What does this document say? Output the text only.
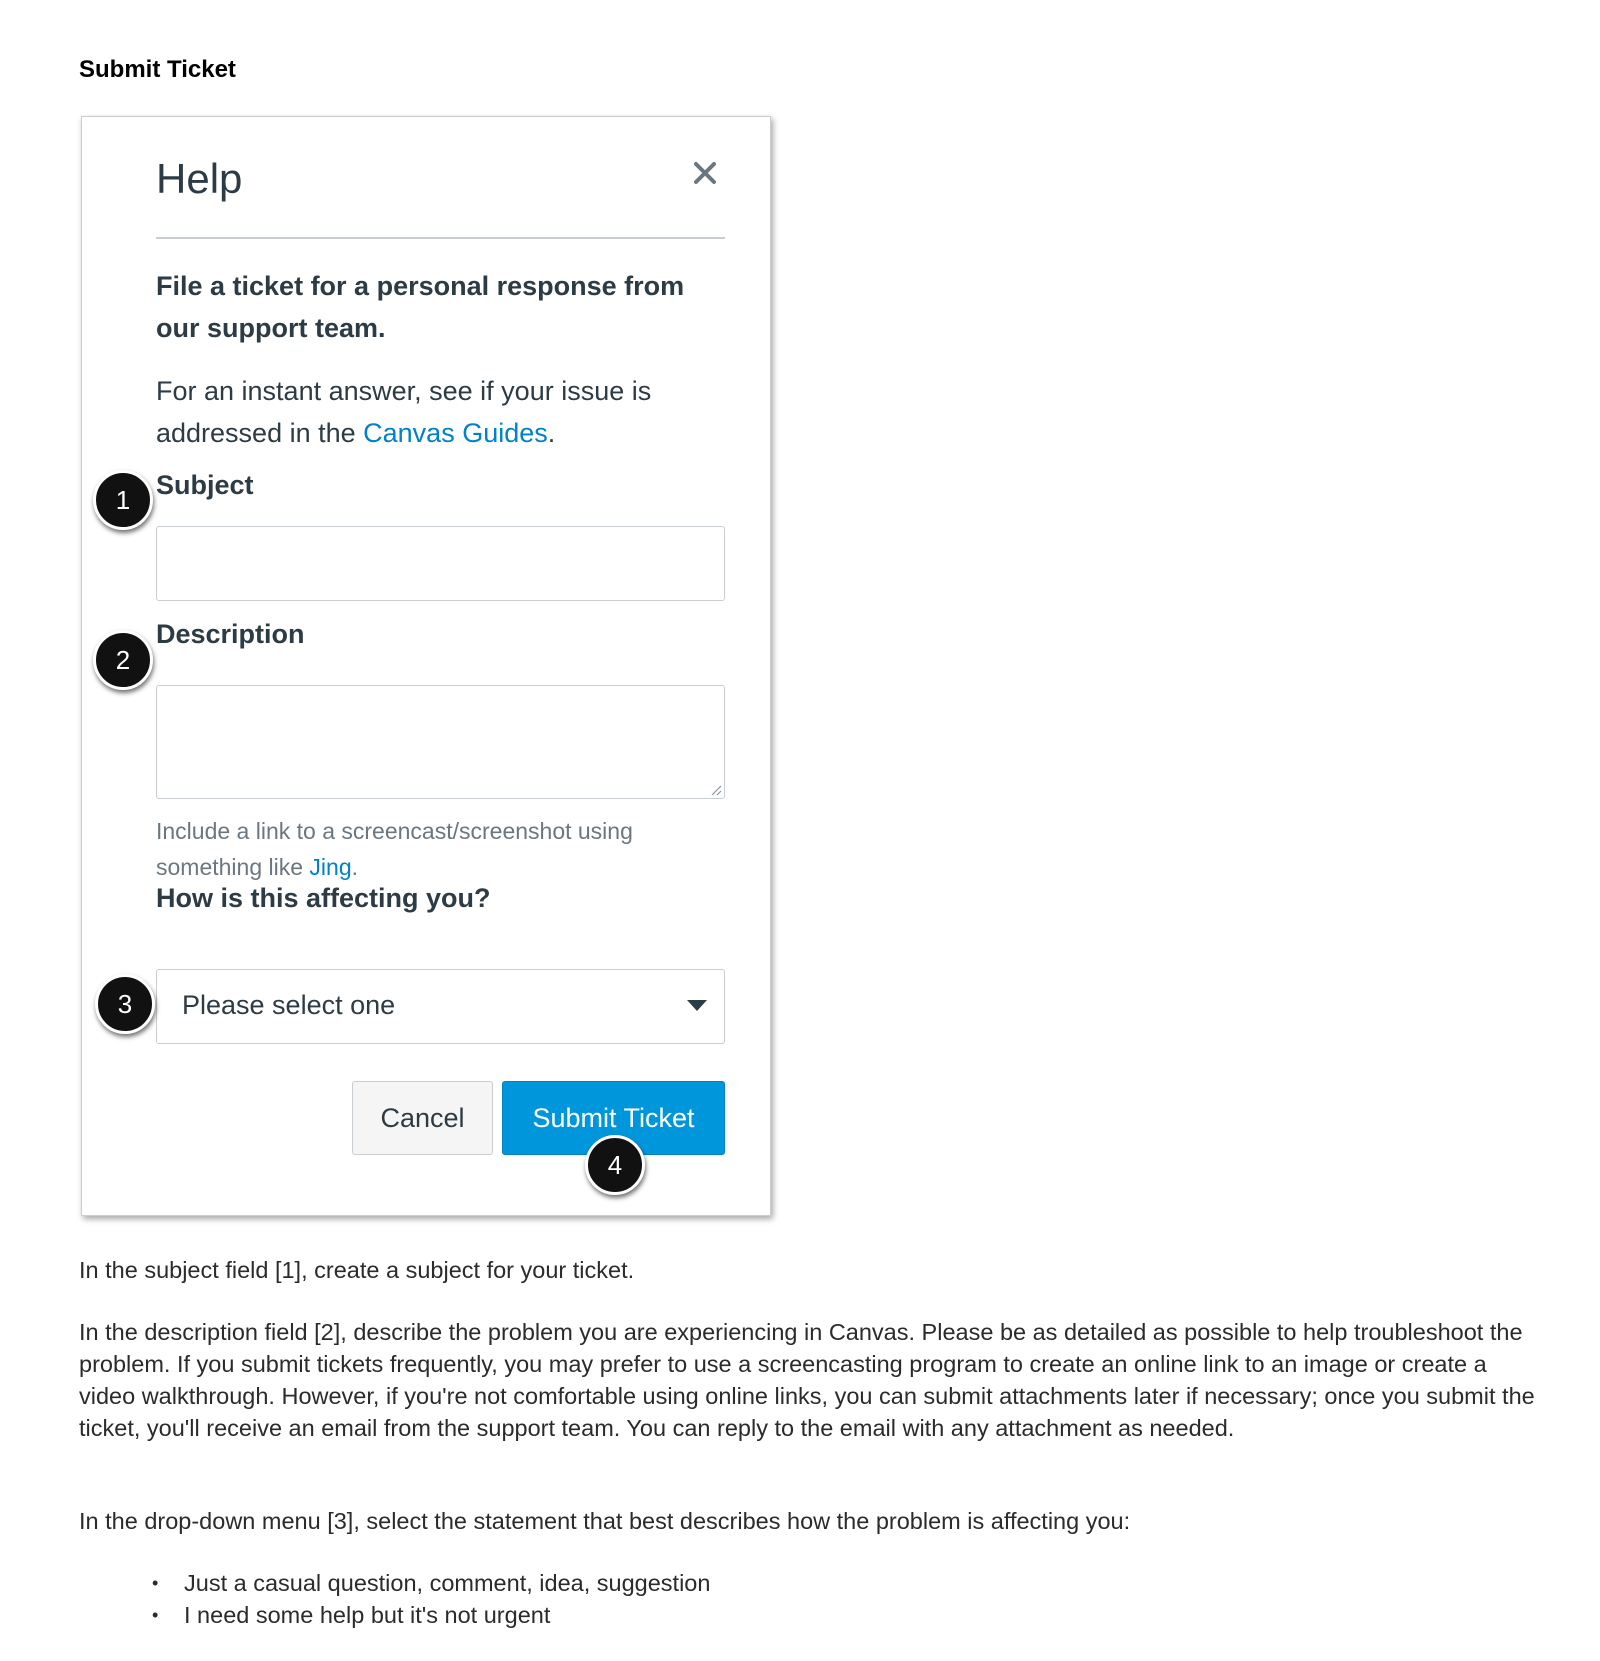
Submit Ticket
Help

File a ticket for a personal response from our support team.

For an instant answer, see if your issue is addressed in the Canvas Guides.

Subject
Description

Include a link to a screencast/screenshot using something like Jing.

How is this affecting you?
Please select one
Cancel	Submit Ticket
1
2
3
4

In the subject field [1], create a subject for your ticket.

In the description field [2], describe the problem you are experiencing in Canvas. Please be as detailed as possible to help troubleshoot the problem. If you submit tickets frequently, you may prefer to use a screencasting program to create an online link to an image or create a video walkthrough. However, if you're not comfortable using online links, you can submit attachments later if necessary; once you submit the ticket, you'll receive an email from the support team. You can reply to the email with any attachment as needed.

In the drop-down menu [3], select the statement that best describes how the problem is affecting you:

• Just a casual question, comment, idea, suggestion
• I need some help but it's not urgent
